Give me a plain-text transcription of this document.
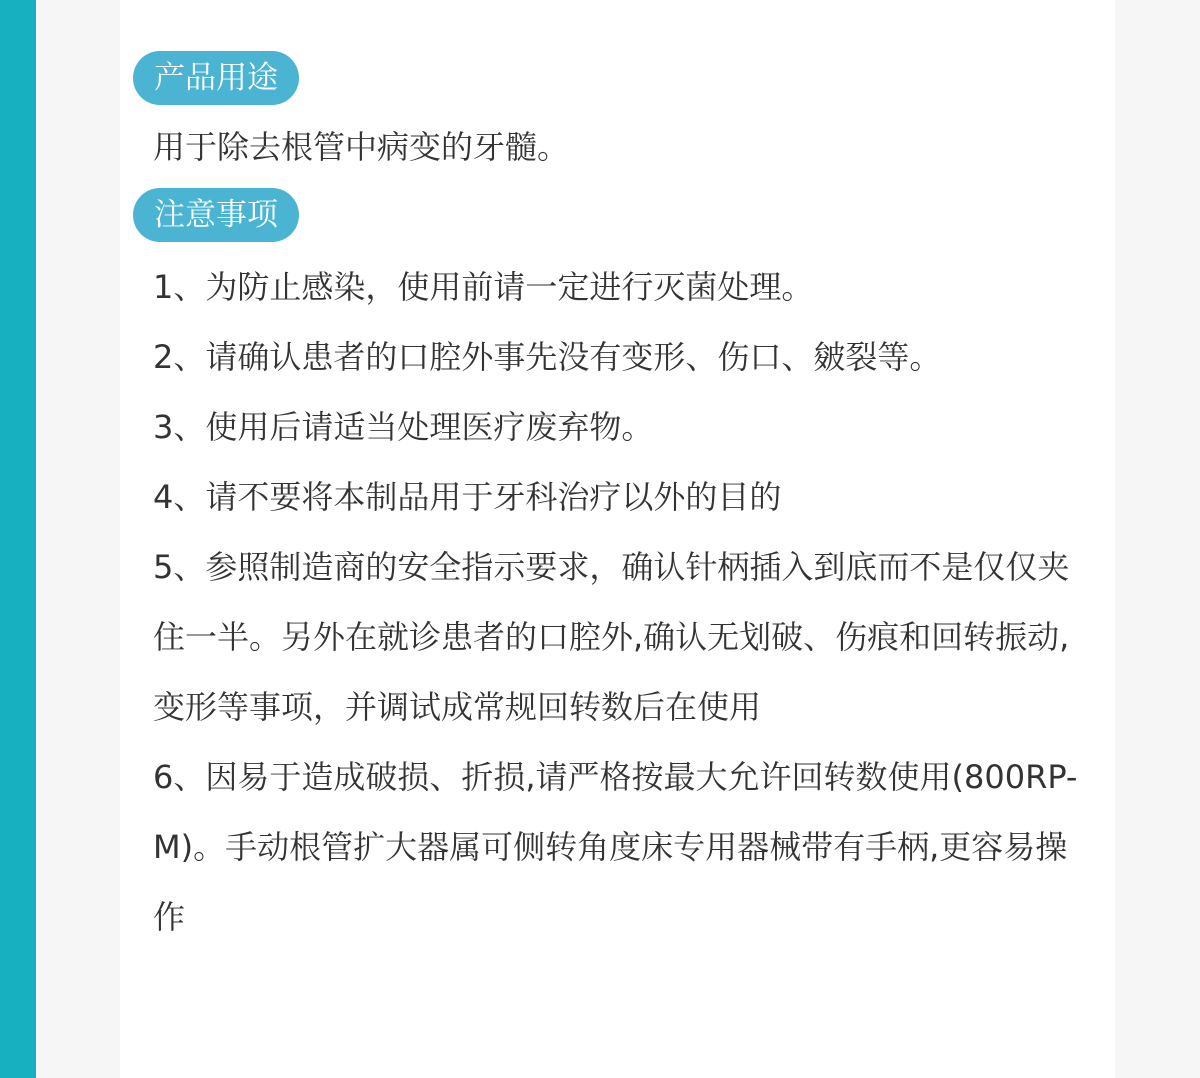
产品用途
用于除去根管中病变的牙髓。
注意事项
1、为防止感染，使用前请一定进行灭菌处理。
2、请确认患者的口腔外事先没有变形、伤口、皴裂等。
3、使用后请适当处理医疗废弃物。
4、请不要将本制品用于牙科治疗以外的目的
5、参照制造商的安全指示要求，确认针柄插入到底而不是仅仅夹
住一半。另外在就诊患者的口腔外,确认无划破、伤痕和回转振动,
变形等事项，并调试成常规回转数后在使用
6、因易于造成破损、折损,请严格按最大允许回转数使用(800RP-
M)。手动根管扩大器属可侧转角度床专用器械带有手柄,更容易操
作
